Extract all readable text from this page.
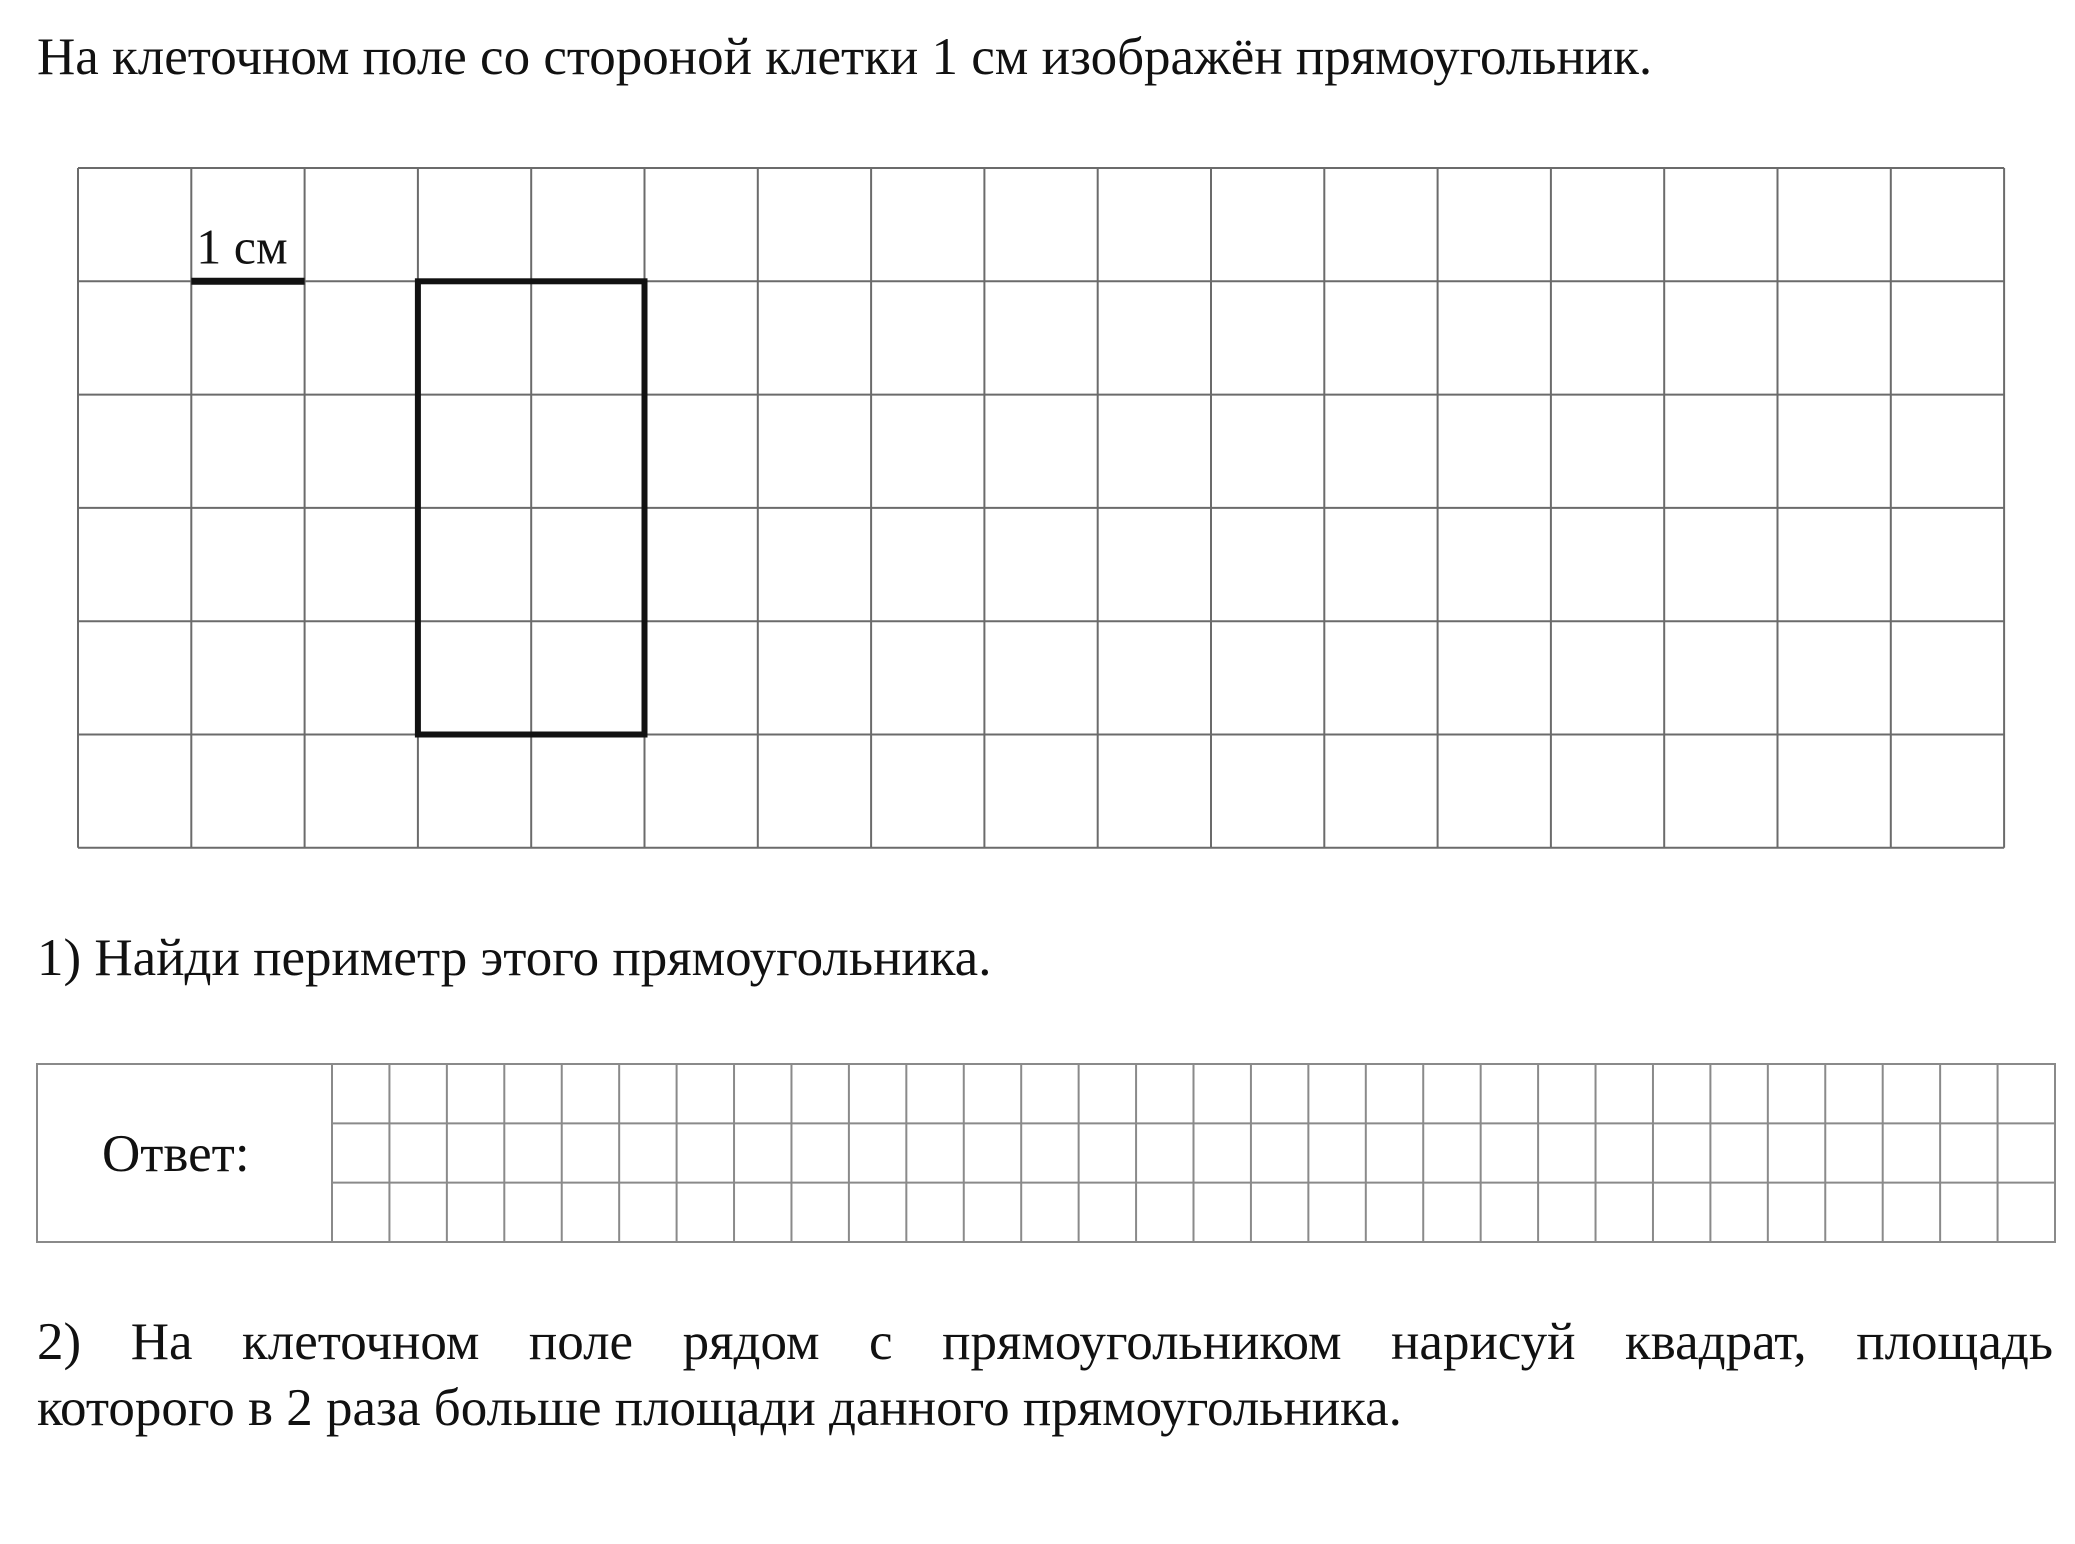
На клеточном поле со стороной клетки 1 см изображён прямоугольник.
1 см
Ответ:
1) Найди периметр этого прямоугольника.
2) На клеточном поле рядом с прямоугольником нарисуй квадрат, площадь
которого в 2 раза больше площади данного прямоугольника.
